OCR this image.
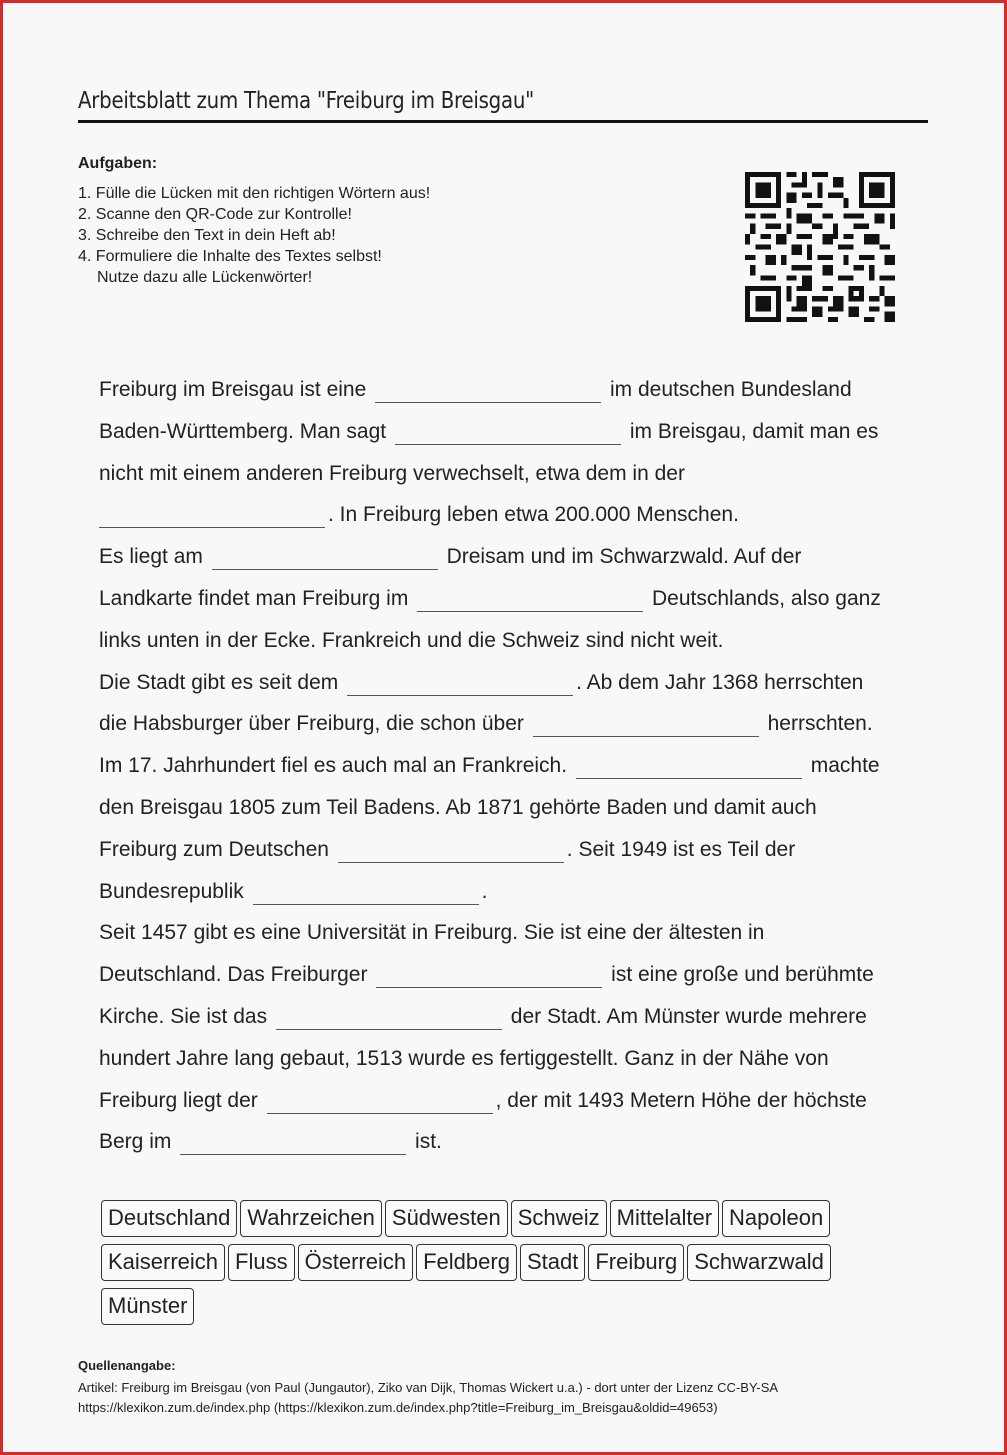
Arbeitsblatt zum Thema "Freiburg im Breisgau"
Aufgaben:
1. Fülle die Lücken mit den richtigen Wörtern aus!
2. Scanne den QR-Code zur Kontrolle!
3. Schreibe den Text in dein Heft ab!
4. Formuliere die Inhalte des Textes selbst!
Nutze dazu alle Lückenwörter!
Freiburg im Breisgau ist eine	im deutschen Bundesland
Baden-Württemberg. Man sagt	im Breisgau, damit man es
nicht mit einem anderen Freiburg verwechselt, etwa dem in der
. In Freiburg leben etwa 200.000 Menschen.
Es liegt am	Dreisam und im Schwarzwald. Auf der
Landkarte findet man Freiburg im	Deutschlands, also ganz
links unten in der Ecke. Frankreich und die Schweiz sind nicht weit.
Die Stadt gibt es seit dem	. Ab dem Jahr 1368 herrschten
die Habsburger über Freiburg, die schon über	herrschten.
Im 17. Jahrhundert fiel es auch mal an Frankreich.	machte
den Breisgau 1805 zum Teil Badens. Ab 1871 gehörte Baden und damit auch
Freiburg zum Deutschen	. Seit 1949 ist es Teil der
Bundesrepublik	.
Seit 1457 gibt es eine Universität in Freiburg. Sie ist eine der ältesten in
Deutschland. Das Freiburger	ist eine große und berühmte
Kirche. Sie ist das	der Stadt. Am Münster wurde mehrere
hundert Jahre lang gebaut, 1513 wurde es fertiggestellt. Ganz in der Nähe von
Freiburg liegt der	, der mit 1493 Metern Höhe der höchste
Berg im	ist.
Deutschland Wahrzeichen Südwesten Schweiz Mittelalter Napoleon
Kaiserreich Fluss Österreich Feldberg Stadt Freiburg Schwarzwald
Münster
Quellenangabe:
Artikel: Freiburg im Breisgau (von Paul (Jungautor), Ziko van Dijk, Thomas Wickert u.a.) - dort unter der Lizenz CC-BY-SA
https://klexikon.zum.de/index.php (https://klexikon.zum.de/index.php?title=Freiburg_im_Breisgau&oldid=49653)
